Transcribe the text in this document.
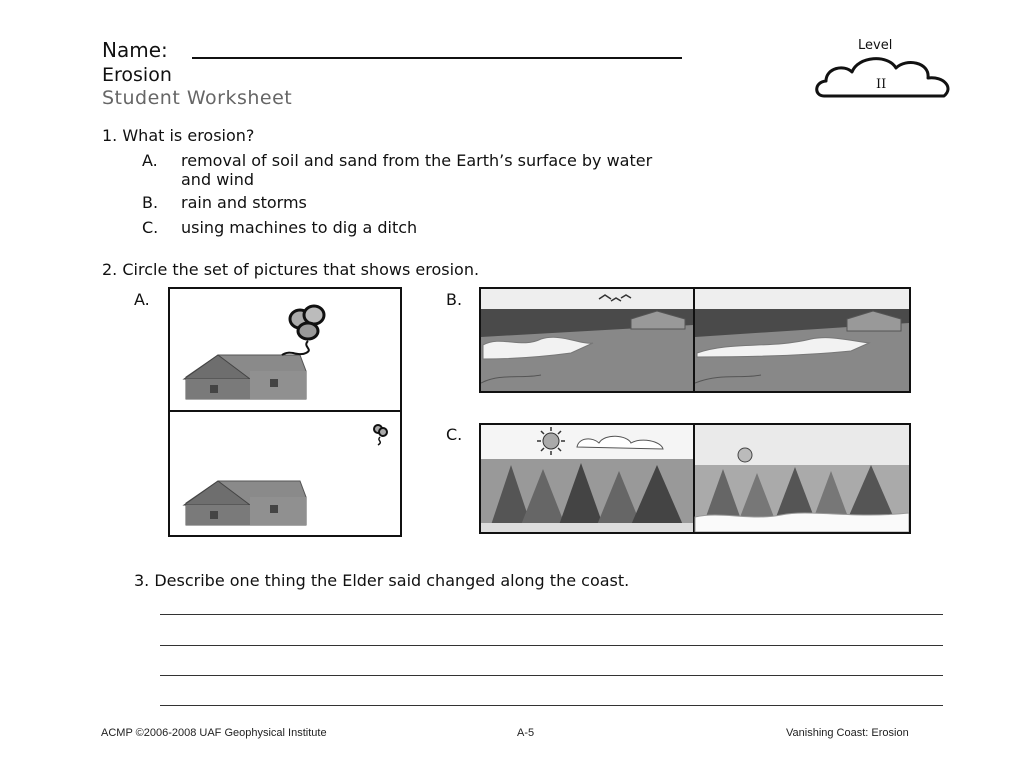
Name:
Erosion
Student Worksheet
Level
II
1. What is erosion?
A. removal of soil and sand from the Earth’s surface by water
and wind
B. rain and storms
C. using machines to dig a ditch
2. Circle the set of pictures that shows erosion.
A.	B.
C.
3. Describe one thing the Elder said changed along the coast.
ACMP ©2006-2008 UAF Geophysical Institute	A-5	Vanishing Coast: Erosion
